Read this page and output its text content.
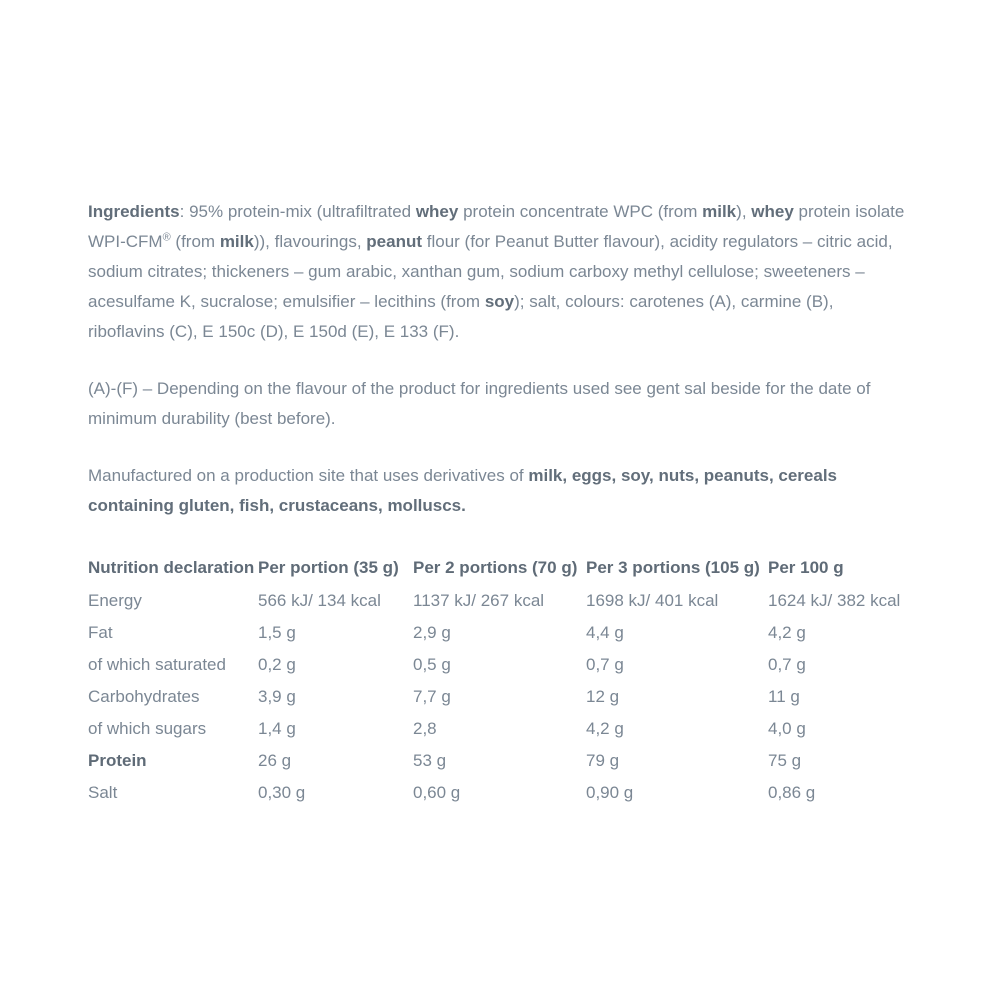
Ingredients: 95% protein-mix (ultrafiltrated whey protein concentrate WPC (from milk), whey protein isolate WPI-CFM® (from milk)), flavourings, peanut flour (for Peanut Butter flavour), acidity regulators – citric acid, sodium citrates; thickeners – gum arabic, xanthan gum, sodium carboxy methyl cellulose; sweeteners – acesulfame K, sucralose; emulsifier – lecithins (from soy); salt, colours: carotenes (A), carmine (B), riboflavins (C), E 150c (D), E 150d (E), E 133 (F).

(A)-(F) – Depending on the flavour of the product for ingredients used see gent sal beside for the date of minimum durability (best before).

Manufactured on a production site that uses derivatives of milk, eggs, soy, nuts, peanuts, cereals containing gluten, fish, crustaceans, molluscs.

Nutrition declaration	Per portion (35 g)	Per 2 portions (70 g)	Per 3 portions (105 g)	Per 100 g
Energy	566 kJ/ 134 kcal	1137 kJ/ 267 kcal	1698 kJ/ 401 kcal	1624 kJ/ 382 kcal
Fat	1,5 g	2,9 g	4,4 g	4,2 g
of which saturated	0,2 g	0,5 g	0,7 g	0,7 g
Carbohydrates	3,9 g	7,7 g	12 g	11 g
of which sugars	1,4 g	2,8	4,2 g	4,0 g
Protein	26 g	53 g	79 g	75 g
Salt	0,30 g	0,60 g	0,90 g	0,86 g
